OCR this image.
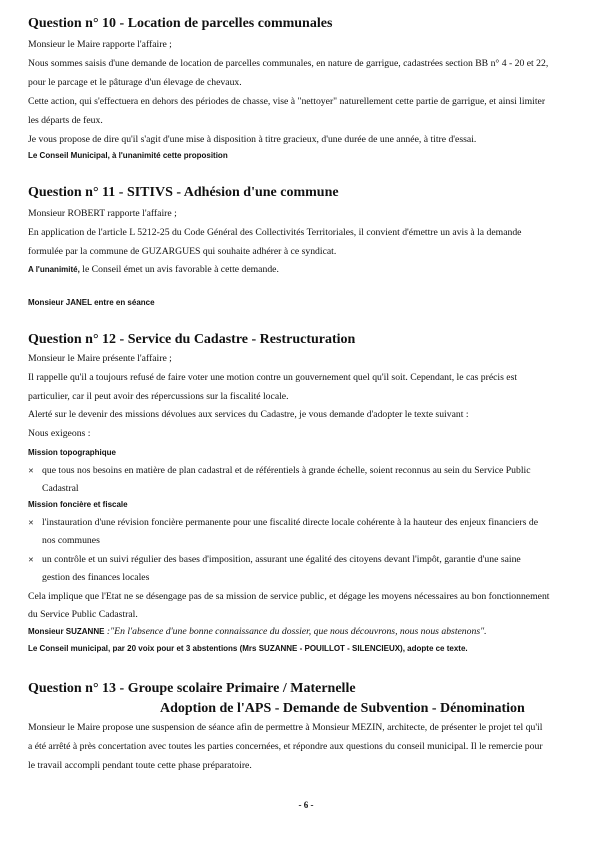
Question n° 10 - Location de parcelles communales

Monsieur le Maire rapporte l'affaire ;

Nous sommes saisis d'une demande de location de parcelles communales, en nature de garrigue, cadastrées section BB n° 4 - 20 et 22,

pour le parcage et le pâturage d'un élevage de chevaux.

Cette action, qui s'effectuera en dehors des périodes de chasse, vise à "nettoyer" naturellement cette partie de garrigue, et ainsi limiter

les départs de feux.

Je vous propose de dire qu'il s'agit d'une mise à disposition à titre gracieux, d'une durée de une année, à titre d'essai.

Le Conseil Municipal, à l'unanimité cette proposition

Question n° 11 - SITIVS - Adhésion d'une commune

Monsieur ROBERT rapporte l'affaire ;

En application de l'article L 5212-25 du Code Général des Collectivités Territoriales, il convient d'émettre un avis à la demande

formulée par la commune de GUZARGUES qui souhaite adhérer à ce syndicat.

A l'unanimité, le Conseil émet un avis favorable à cette demande.

Monsieur JANEL entre en séance

Question n° 12 - Service du Cadastre - Restructuration

Monsieur le Maire présente l'affaire ;

Il rappelle qu'il a toujours refusé de faire voter une motion contre un gouvernement quel qu'il soit. Cependant, le cas précis est

particulier, car il peut avoir des répercussions sur la fiscalité locale.

Alerté sur le devenir des missions dévolues aux services du Cadastre, je vous demande d'adopter le texte suivant :

Nous exigeons :

Mission topographique

✕ que tous nos besoins en matière de plan cadastral et de référentiels à grande échelle, soient reconnus au sein du Service Public

Cadastral

Mission foncière et fiscale

✕ l'instauration d'une révision foncière permanente pour une fiscalité directe locale cohérente à la hauteur des enjeux financiers de

nos communes

✕ un contrôle et un suivi régulier des bases d'imposition, assurant une égalité des citoyens devant l'impôt, garantie d'une saine

gestion des finances locales

Cela implique que l'Etat ne se désengage pas de sa mission de service public, et dégage les moyens nécessaires au bon fonctionnement

du Service Public Cadastral.

Monsieur SUZANNE :"En l'absence d'une bonne connaissance du dossier, que nous découvrons, nous nous abstenons".

Le Conseil municipal, par 20 voix pour et 3 abstentions (Mrs SUZANNE - POUILLOT - SILENCIEUX), adopte ce texte.

Question n° 13 - Groupe scolaire Primaire / Maternelle
Adoption de l'APS - Demande de Subvention - Dénomination

Monsieur le Maire propose une suspension de séance afin de permettre à Monsieur MEZIN, architecte, de présenter le projet tel qu'il

a été arrêté à près concertation avec toutes les parties concernées, et répondre aux questions du conseil municipal. Il le remercie pour

le travail accompli pendant toute cette phase préparatoire.

- 6 -
